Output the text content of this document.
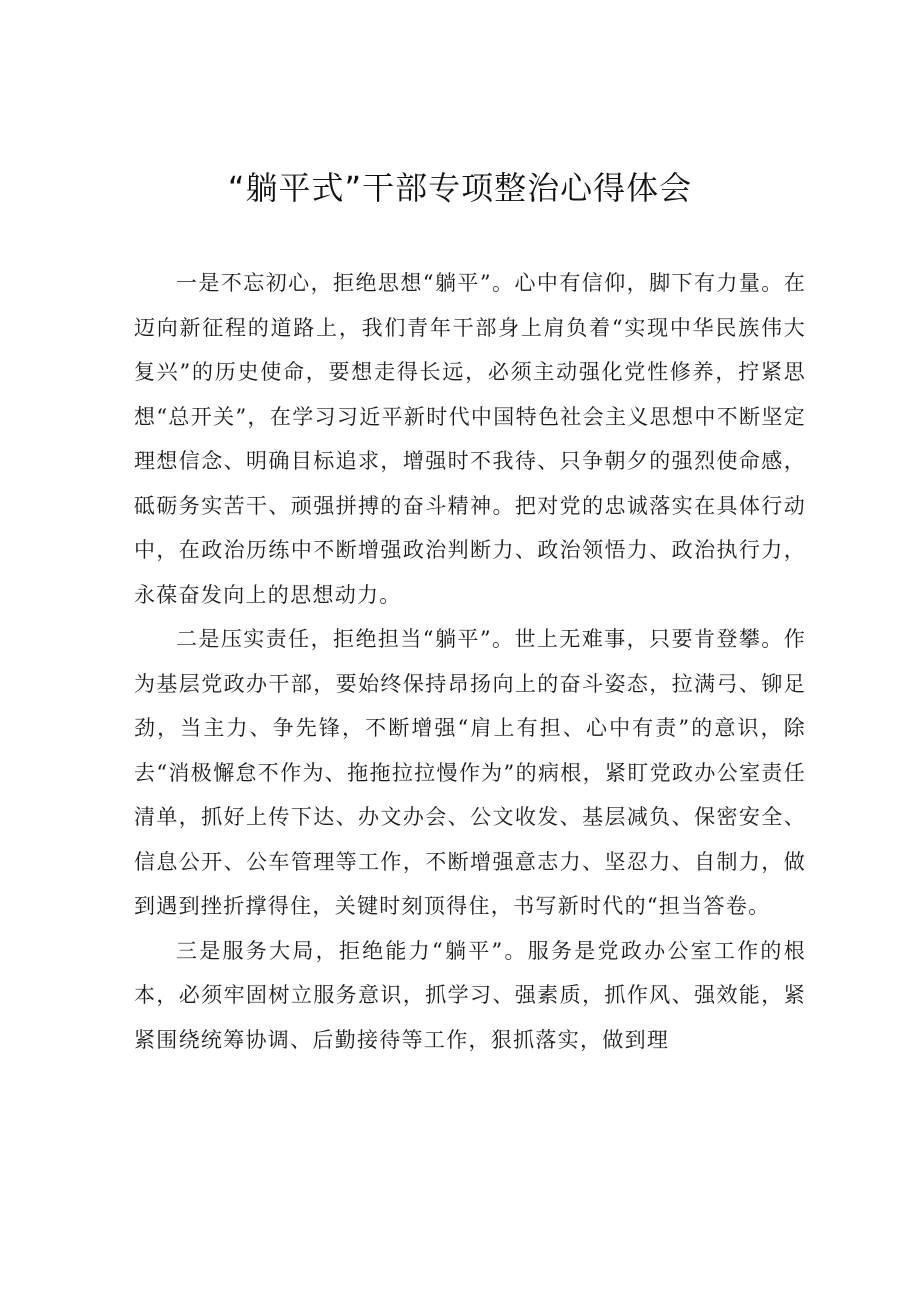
“躺平式”干部专项整治心得体会

一是不忘初心，拒绝思想“躺平”。心中有信仰，脚下有力量。在迈向新征程的道路上，我们青年干部身上肩负着“实现中华民族伟大复兴”的历史使命，要想走得长远，必须主动强化党性修养，拧紧思想“总开关”，在学习习近平新时代中国特色社会主义思想中不断坚定理想信念、明确目标追求，增强时不我待、只争朝夕的强烈使命感，砥砺务实苦干、顽强拼搏的奋斗精神。把对党的忠诚落实在具体行动中，在政治历练中不断增强政治判断力、政治领悟力、政治执行力，永葆奋发向上的思想动力。

二是压实责任，拒绝担当“躺平”。世上无难事，只要肯登攀。作为基层党政办干部，要始终保持昂扬向上的奋斗姿态，拉满弓、铆足劲，当主力、争先锋，不断增强“肩上有担、心中有责”的意识，除去“消极懈怠不作为、拖拖拉拉慢作为”的病根，紧盯党政办公室责任清单，抓好上传下达、办文办会、公文收发、基层减负、保密安全、信息公开、公车管理等工作，不断增强意志力、坚忍力、自制力，做到遇到挫折撑得住，关键时刻顶得住，书写新时代的“担当答卷。

三是服务大局，拒绝能力“躺平”。服务是党政办公室工作的根本，必须牢固树立服务意识，抓学习、强素质，抓作风、强效能，紧紧围绕统筹协调、后勤接待等工作，狠抓落实，做到理
